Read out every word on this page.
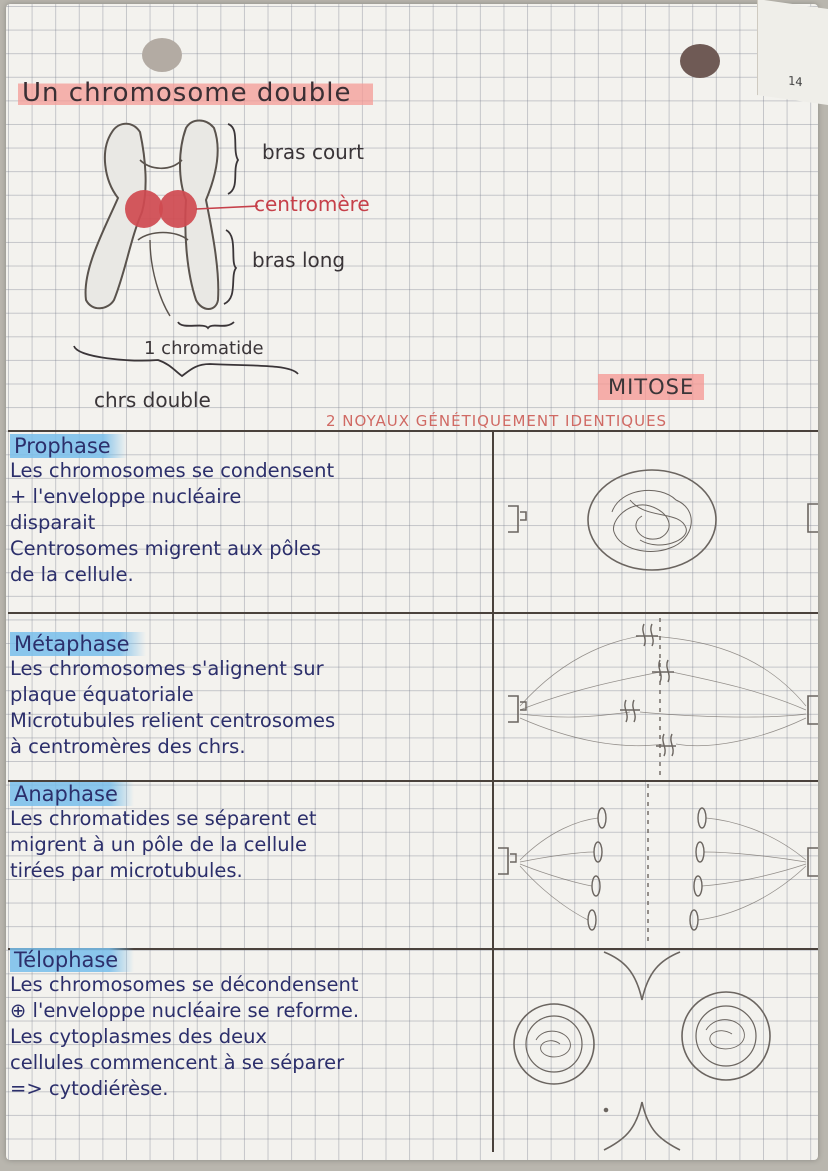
14
Un chromosome double
bras court
centromère
bras long
1 chromatide
chrs double
MITOSE
2 NOYAUX GÉNÉTIQUEMENT IDENTIQUES
Prophase
Les chromosomes se condensent
+ l'enveloppe nucléaire
disparait
Centrosomes migrent aux pôles
de la cellule.
Métaphase
Les chromosomes s'alignent sur
plaque équatoriale
Microtubules relient centrosomes
à centromères des chrs.
Anaphase
Les chromatides se séparent et
migrent à un pôle de la cellule
tirées par microtubules.
Télophase
Les chromosomes se décondensent
⊕ l'enveloppe nucléaire se reforme.
Les cytoplasmes des deux
cellules commencent à se séparer
=> cytodiérèse.
